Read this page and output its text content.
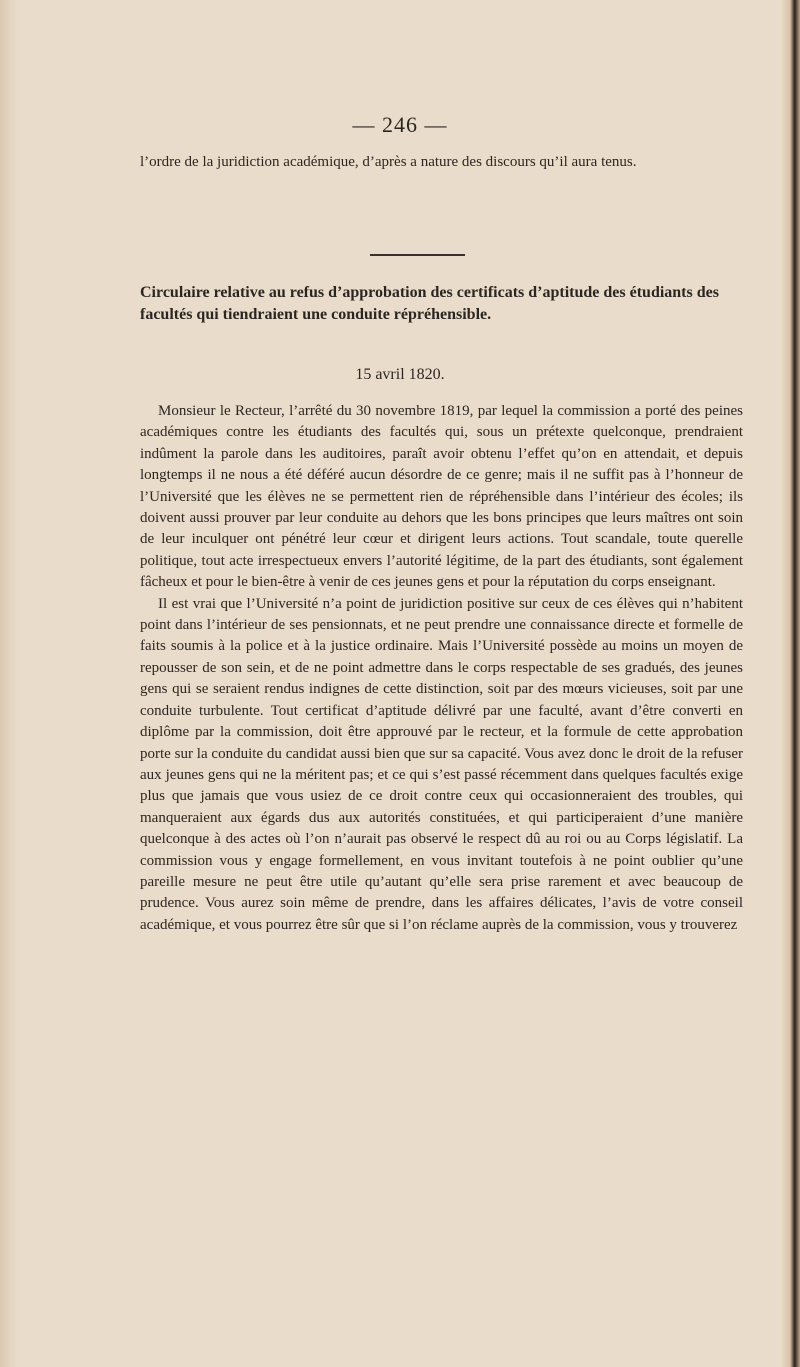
— 246 —
l’ordre de la juridiction académique, d’après a nature des discours qu’il aura tenus.
Circulaire relative au refus d’approbation des certificats d’aptitude des étudiants des facultés qui tiendraient une conduite répréhensible.
15 avril 1820.

Monsieur le Recteur, l’arrêté du 30 novembre 1819, par lequel la commission a porté des peines académiques contre les étudiants des facultés qui, sous un prétexte quelconque, prendraient indûment la parole dans les auditoires, paraît avoir obtenu l’effet qu’on en attendait, et depuis longtemps il ne nous a été déféré aucun désordre de ce genre; mais il ne suffit pas à l’honneur de l’Université que les élèves ne se permettent rien de répréhensible dans l’intérieur des écoles; ils doivent aussi prouver par leur conduite au dehors que les bons principes que leurs maîtres ont soin de leur inculquer ont pénétré leur cœur et dirigent leurs actions. Tout scandale, toute querelle politique, tout acte irrespectueux envers l’autorité légitime, de la part des étudiants, sont également fâcheux et pour le bien-être à venir de ces jeunes gens et pour la réputation du corps enseignant.

Il est vrai que l’Université n’a point de juridiction positive sur ceux de ces élèves qui n’habitent point dans l’intérieur de ses pensionnats, et ne peut prendre une connaissance directe et formelle de faits soumis à la police et à la justice ordinaire. Mais l’Université possède au moins un moyen de repousser de son sein, et de ne point admettre dans le corps respectable de ses gradués, des jeunes gens qui se seraient rendus indignes de cette distinction, soit par des mœurs vicieuses, soit par une conduite turbulente. Tout certificat d’aptitude délivré par une faculté, avant d’être converti en diplôme par la commission, doit être approuvé par le recteur, et la formule de cette approbation porte sur la conduite du candidat aussi bien que sur sa capacité. Vous avez donc le droit de la refuser aux jeunes gens qui ne la méritent pas; et ce qui s’est passé récemment dans quelques facultés exige plus que jamais que vous usiez de ce droit contre ceux qui occasionneraient des troubles, qui manqueraient aux égards dus aux autorités constituées, et qui participeraient d’une manière quelconque à des actes où l’on n’aurait pas observé le respect dû au roi ou au Corps législatif. La commission vous y engage formellement, en vous invitant toutefois à ne point oublier qu’une pareille mesure ne peut être utile qu’autant qu’elle sera prise rarement et avec beaucoup de prudence. Vous aurez soin même de prendre, dans les affaires délicates, l’avis de votre conseil académique, et vous pourrez être sûr que si l’on réclame auprès de la commission, vous y trouverez
